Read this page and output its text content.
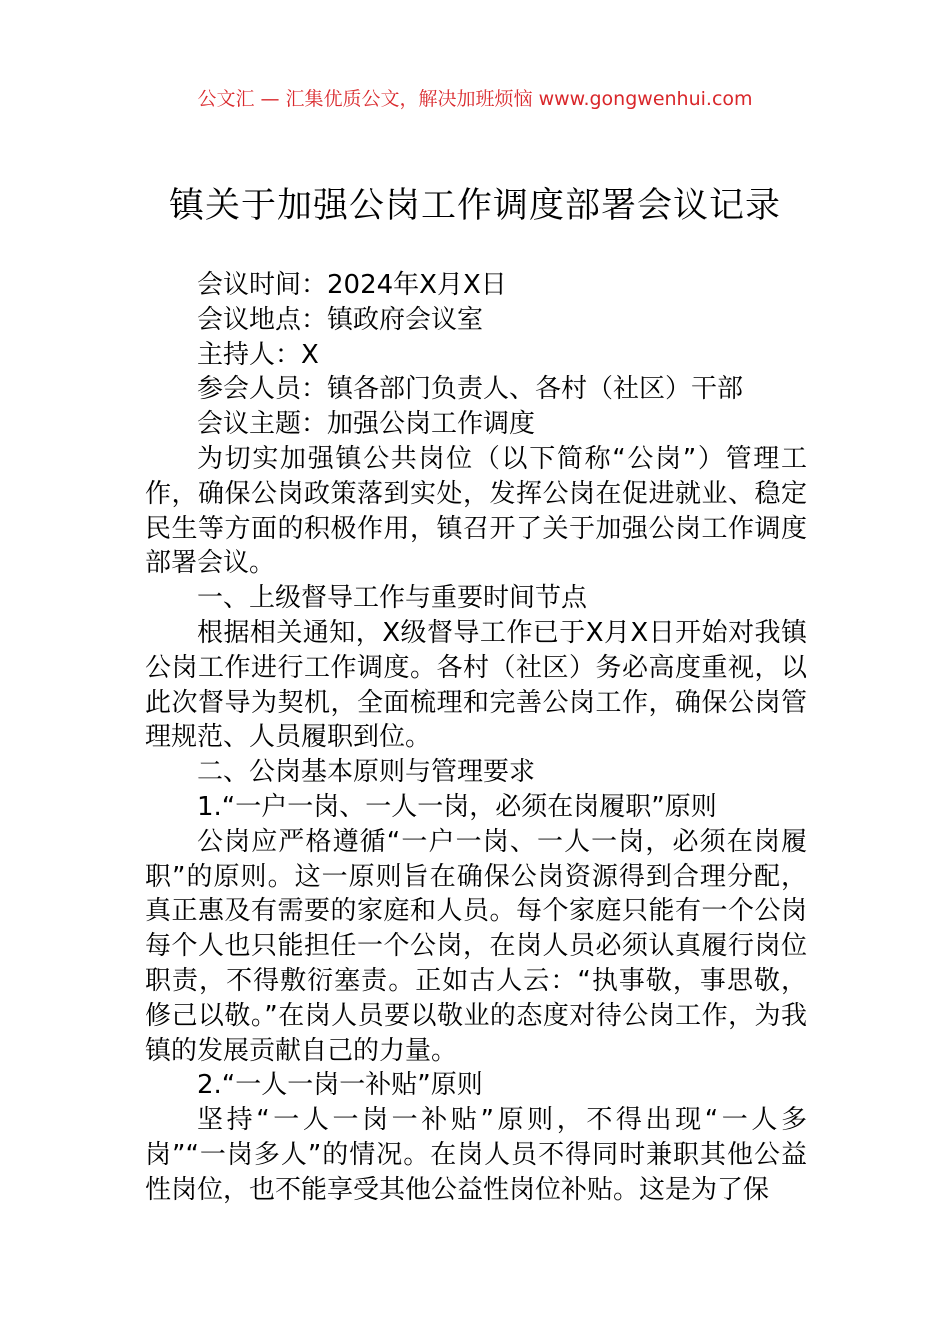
公文汇 — 汇集优质公文，解决加班烦恼 www.gongwenhui.com
镇关于加强公岗工作调度部署会议记录

会议时间：2024年X月X日

会议地点：镇政府会议室

主持人：X

参会人员：镇各部门负责人、各村（社区）干部

会议主题：加强公岗工作调度

为切实加强镇公共岗位（以下简称“公岗”）管理工作，确保公岗政策落到实处，发挥公岗在促进就业、稳定民生等方面的积极作用，镇召开了关于加强公岗工作调度部署会议。

一、上级督导工作与重要时间节点

根据相关通知，X级督导工作已于X月X日开始对我镇公岗工作进行工作调度。各村（社区）务必高度重视，以此次督导为契机，全面梳理和完善公岗工作，确保公岗管理规范、人员履职到位。

二、公岗基本原则与管理要求

1.“一户一岗、一人一岗，必须在岗履职”原则

公岗应严格遵循“一户一岗、一人一岗，必须在岗履职”的原则。这一原则旨在确保公岗资源得到合理分配，真正惠及有需要的家庭和人员。每个家庭只能有一个公岗每个人也只能担任一个公岗，在岗人员必须认真履行岗位职责，不得敷衍塞责。正如古人云：“执事敬，事思敬，修己以敬。”在岗人员要以敬业的态度对待公岗工作，为我镇的发展贡献自己的力量。

2.“一人一岗一补贴”原则

坚持“一人一岗一补贴”原则，不得出现“一人多岗”“一岗多人”的情况。在岗人员不得同时兼职其他公益性岗位，也不能享受其他公益性岗位补贴。这是为了保
